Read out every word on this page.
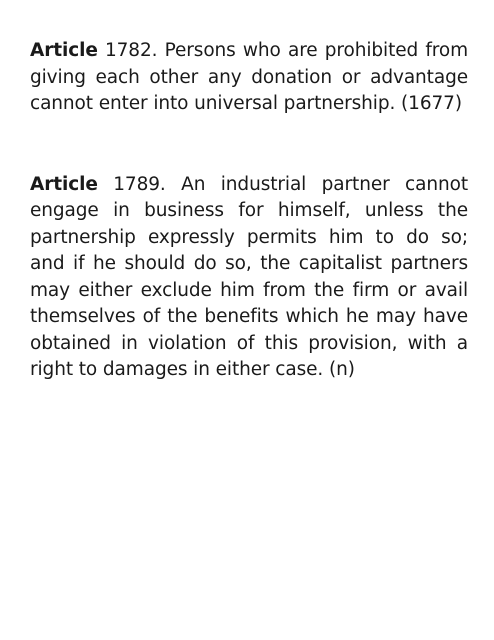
Article 1782. Persons who are prohibited from giving each other any donation or advantage cannot enter into universal partnership. (1677)

Article 1789. An industrial partner cannot engage in business for himself, unless the partnership expressly permits him to do so; and if he should do so, the capitalist partners may either exclude him from the firm or avail themselves of the benefits which he may have obtained in violation of this provision, with a right to damages in either case. (n)
